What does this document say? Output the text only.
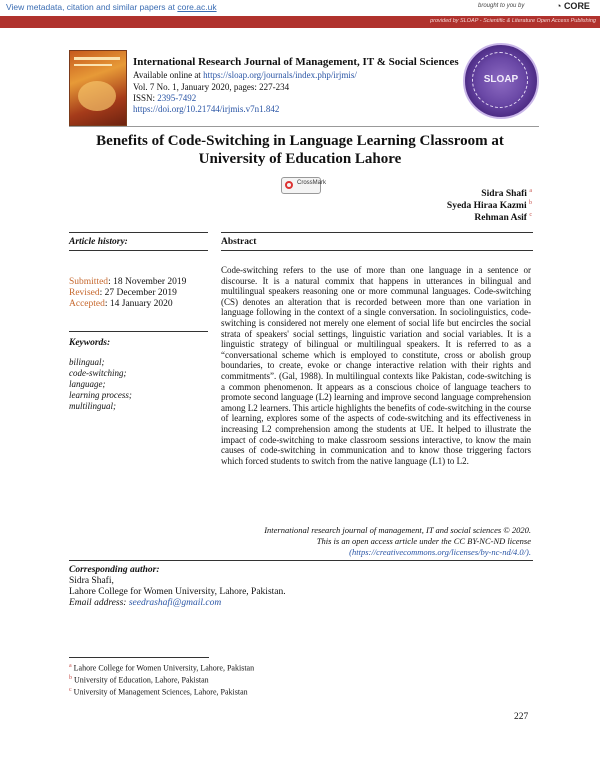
View metadata, citation and similar papers at core.ac.uk	brought to you by	◔ CORE
provided by SLOAP - Scientific & Literature Open Access Publishing
International Research Journal of Management, IT & Social Sciences
Available online at https://sloap.org/journals/index.php/irjmis/
Vol. 7 No. 1, January 2020, pages: 227-234
ISSN: 2395-7492
https://doi.org/10.21744/irjmis.v7n1.842
SLOAP
Benefits of Code-Switching in Language Learning Classroom at
University of Education Lahore
CrossMark
Sidra Shafi $^a$
Syeda Hiraa Kazmi $^b$
Rehman Asif $^c$
Article history:
Submitted: 18 November 2019
Revised: 27 December 2019
Accepted: 14 January 2020
Keywords:
bilingual;
code-switching;
language;
learning process;
multilingual;
Abstract
Code-switching refers to the use of more than one language in a sentence or discourse. It is a natural commix that happens in utterances in bilingual and multilingual speakers reasoning one or more communal languages. Code-switching (CS) denotes an alteration that is recorded between more than one variation in language following in the context of a single conversation. In sociolinguistics, code-switching is considered not merely one element of social life but encircles the social strata of speakers' social settings, linguistic variation and social variables. It is a linguistic strategy of bilingual or multilingual speakers. It is referred to as a “conversational scheme which is employed to constitute, cross or abolish group boundaries, to create, evoke or change interactive relation with their rights and commitments”. (Gal, 1988). In multilingual contexts like Pakistan, code-switching is a common phenomenon. It appears as a conscious choice of language teachers to promote second language (L2) learning and improve second language comprehension among L2 learners. This article highlights the benefits of code-switching in the course of learning, explores some of the aspects of code-switching and its effectiveness in increasing L2 comprehension among the students at UE. It helped to illustrate the impact of code-switching to make classroom sessions interactive, to know the main causes of code-switching in communication and to know those triggering factors which forced students to switch from the native language (L1) to L2.
International research journal of management, IT and social sciences © 2020.
This is an open access article under the CC BY-NC-ND license
(https://creativecommons.org/licenses/by-nc-nd/4.0/).
Corresponding author:
Sidra Shafi,
Lahore College for Women University, Lahore, Pakistan.
Email address: seedrashafi@gmail.com
$^a$ Lahore College for Women University, Lahore, Pakistan
$^b$ University of Education, Lahore, Pakistan
$^c$ University of Management Sciences, Lahore, Pakistan
227
